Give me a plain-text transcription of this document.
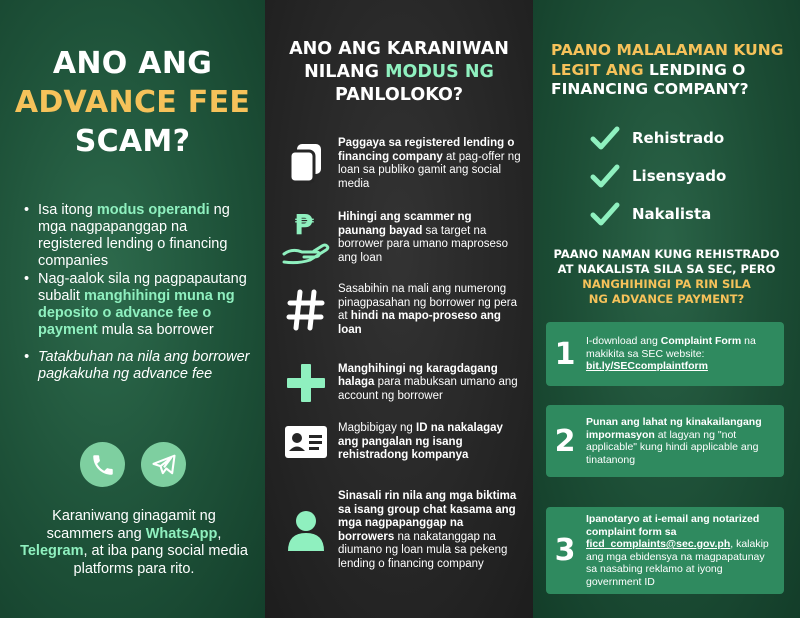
ANO ANG
ADVANCE FEE
SCAM?
• Isa itong modus operandi ng mga nagpapanggap na registered lending o financing companies
• Nag-aalok sila ng pagpapautang subalit manghihingi muna ng deposito o advance fee o payment mula sa borrower
• Tatakbuhan na nila ang borrower pagkakuha ng advance fee
Karaniwang ginagamit ng scammers ang WhatsApp, Telegram, at iba pang social media platforms para rito.
ANO ANG KARANIWAN
NILANG MODUS NG
PANLOLOKO?
Paggaya sa registered lending o financing company at pag-offer ng loan sa publiko gamit ang social media
₱ Hihingi ang scammer ng paunang bayad sa target na borrower para umano maproseso ang loan
Sasabihin na mali ang numerong pinagpasahan ng borrower ng pera at hindi na mapo-proseso ang loan
Manghihingi ng karagdagang halaga para mabuksan umano ang account ng borrower
Magbibigay ng ID na nakalagay ang pangalan ng isang rehistradong kompanya
Sinasali rin nila ang mga biktima sa isang group chat kasama ang mga nagpapanggap na borrowers na nakatanggap na diumano ng loan mula sa pekeng lending o financing company
PAANO MALALAMAN KUNG
LEGIT ANG LENDING O
FINANCING COMPANY?
Rehistrado
Lisensyado
Nakalista
PAANO NAMAN KUNG REHISTRADO
AT NAKALISTA SILA SA SEC, PERO
NANGHIHINGI PA RIN SILA
NG ADVANCE PAYMENT?
1 I-download ang Complaint Form na makikita sa SEC website: bit.ly/SECcomplaintform
2
Punan ang lahat ng kinakailangang impormasyon at lagyan ng "not applicable" kung hindi applicable ang tinatanong
3
Ipanotaryo at i-email ang notarized complaint form sa ficd_complaints@sec.gov.ph, kalakip ang mga ebidensya na magpapatunay sa nasabing reklamo at iyong government ID
